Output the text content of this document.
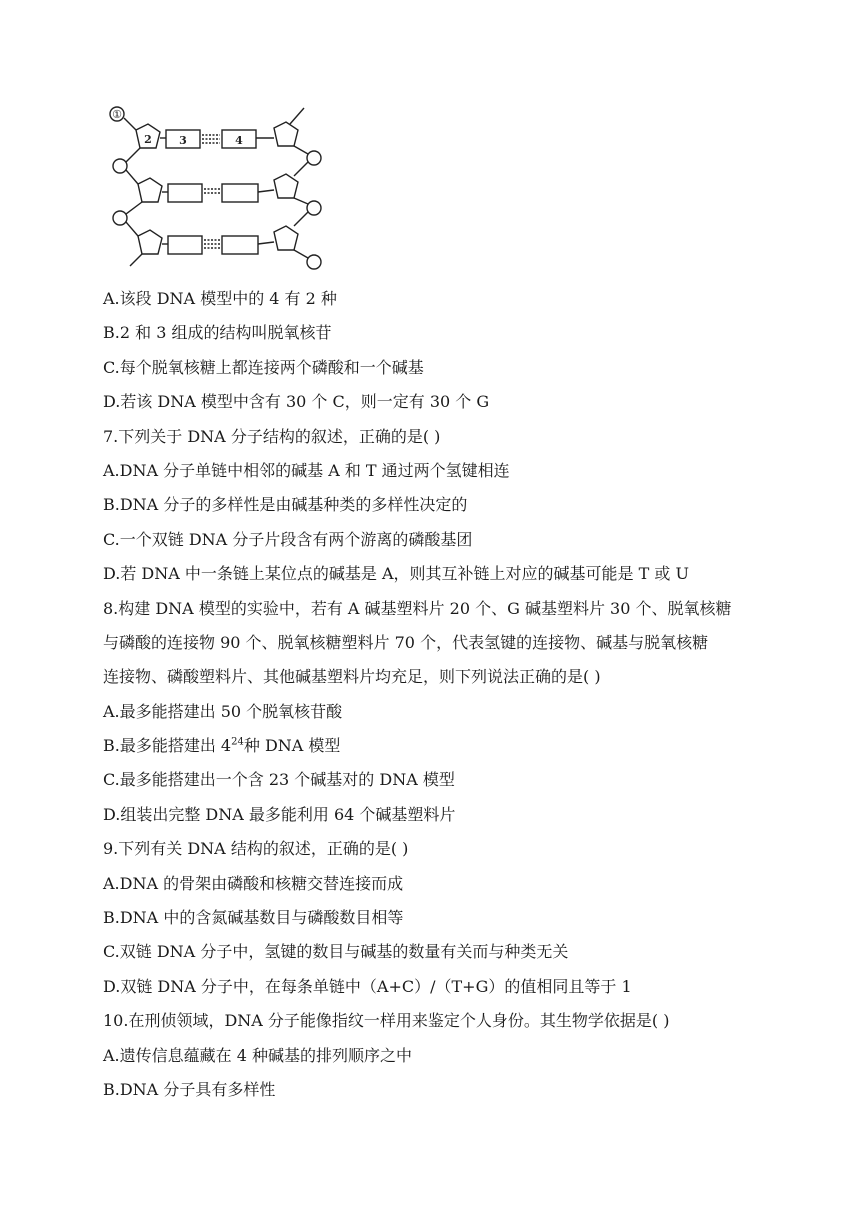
①
2 3	4
A.该段 DNA 模型中的 4 有 2 种
B.2 和 3 组成的结构叫脱氧核苷
C.每个脱氧核糖上都连接两个磷酸和一个碱基
D.若该 DNA 模型中含有 30 个 C，则一定有 30 个 G
7.下列关于 DNA 分子结构的叙述，正确的是( )
A.DNA 分子单链中相邻的碱基 A 和 T 通过两个氢键相连
B.DNA 分子的多样性是由碱基种类的多样性决定的
C.一个双链 DNA 分子片段含有两个游离的磷酸基团
D.若 DNA 中一条链上某位点的碱基是 A，则其互补链上对应的碱基可能是 T 或 U
8.构建 DNA 模型的实验中，若有 A 碱基塑料片 20 个、G 碱基塑料片 30 个、脱氧核糖
与磷酸的连接物 90 个、脱氧核糖塑料片 70 个，代表氢键的连接物、碱基与脱氧核糖
连接物、磷酸塑料片、其他碱基塑料片均充足，则下列说法正确的是( )
A.最多能搭建出 50 个脱氧核苷酸
B.最多能搭建出 $4^{24}$种 DNA 模型
C.最多能搭建出一个含 23 个碱基对的 DNA 模型
D.组装出完整 DNA 最多能利用 64 个碱基塑料片
9.下列有关 DNA 结构的叙述，正确的是( )
A.DNA 的骨架由磷酸和核糖交替连接而成
B.DNA 中的含氮碱基数目与磷酸数目相等
C.双链 DNA 分子中，氢键的数目与碱基的数量有关而与种类无关
D.双链 DNA 分子中，在每条单链中（A+C）/（T+G）的值相同且等于 1
10.在刑侦领域，DNA 分子能像指纹一样用来鉴定个人身份。其生物学依据是( )
A.遗传信息蕴藏在 4 种碱基的排列顺序之中
B.DNA 分子具有多样性
